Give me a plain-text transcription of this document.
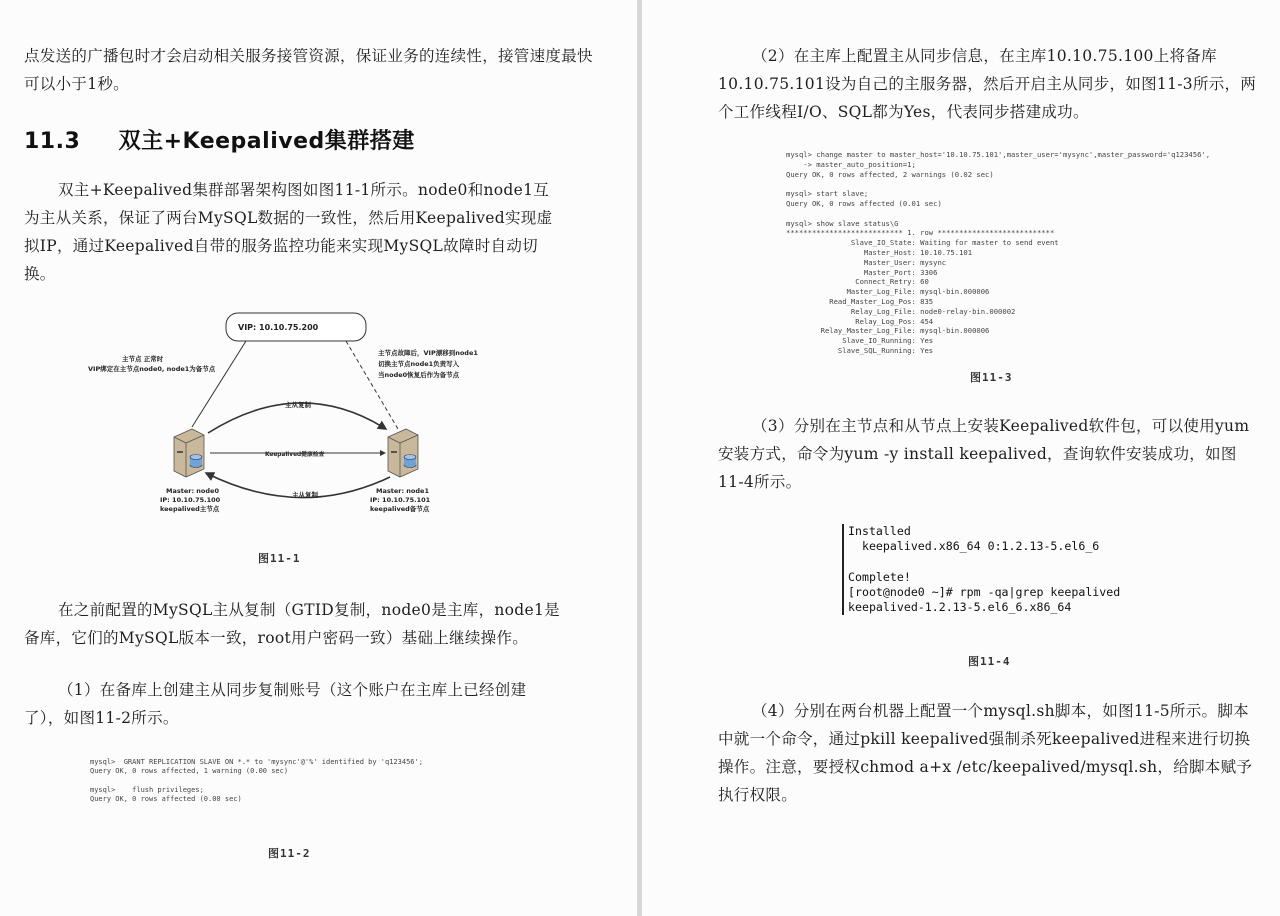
点发送的广播包时才会启动相关服务接管资源，保证业务的连续性，接管速度最快可以小于1秒。

11.3 双主+Keepalived集群搭建

双主+Keepalived集群部署架构图如图11-1所示。node0和node1互为主从关系，保证了两台MySQL数据的一致性，然后用Keepalived实现虚拟IP，通过Keepalived自带的服务监控功能来实现MySQL故障时自动切换。

VIP: 10.10.75.200
主节点 正常时
VIP绑定在主节点node0, node1为备节点
主节点故障后，VIP漂移到node1
切换主节点node1负责写入
当node0恢复后作为备节点
主从复制
Keepalived健康检查
主从复制
Master: node0
IP: 10.10.75.100
keepalived主节点
Master: node1
IP: 10.10.75.101
keepalived备节点
图11-1

在之前配置的MySQL主从复制（GTID复制，node0是主库，node1是备库，它们的MySQL版本一致，root用户密码一致）基础上继续操作。

（1）在备库上创建主从同步复制账号（这个账户在主库上已经创建了），如图11-2所示。

mysql>  GRANT REPLICATION SLAVE ON *.* to 'mysync'@'%' identified by 'q123456';
Query OK, 0 rows affected, 1 warning (0.00 sec)

mysql>    flush privileges;
Query OK, 0 rows affected (0.00 sec)
图11-2

（2）在主库上配置主从同步信息，在主库10.10.75.100上将备库10.10.75.101设为自己的主服务器，然后开启主从同步，如图11-3所示，两个工作线程I/O、SQL都为Yes，代表同步搭建成功。

mysql> change master to master_host='10.10.75.101',master_user='mysync',master_password='q123456',
-> master_auto_position=1;
Query OK, 0 rows affected, 2 warnings (0.02 sec)

mysql> start slave;
Query OK, 0 rows affected (0.01 sec)

mysql> show slave status\G
*************************** 1. row ***************************
Slave_IO_State: Waiting for master to send event
Master_Host: 10.10.75.101
Master_User: mysync
Master_Port: 3306
Connect_Retry: 60
Master_Log_File: mysql-bin.000006
Read_Master_Log_Pos: 835
Relay_Log_File: node0-relay-bin.000002
Relay_Log_Pos: 454
Relay_Master_Log_File: mysql-bin.000006
Slave_IO_Running: Yes
Slave_SQL_Running: Yes
图11-3

（3）分别在主节点和从节点上安装Keepalived软件包，可以使用yum安装方式，命令为yum -y install keepalived，查询软件安装成功，如图11-4所示。

Installed
keepalived.x86_64 0:1.2.13-5.el6_6

Complete!
[root@node0 ~]# rpm -qa|grep keepalived
keepalived-1.2.13-5.el6_6.x86_64
图11-4

（4）分别在两台机器上配置一个mysql.sh脚本，如图11-5所示。脚本中就一个命令，通过pkill keepalived强制杀死keepalived进程来进行切换操作。注意，要授权chmod a+x /etc/keepalived/mysql.sh，给脚本赋予执行权限。
